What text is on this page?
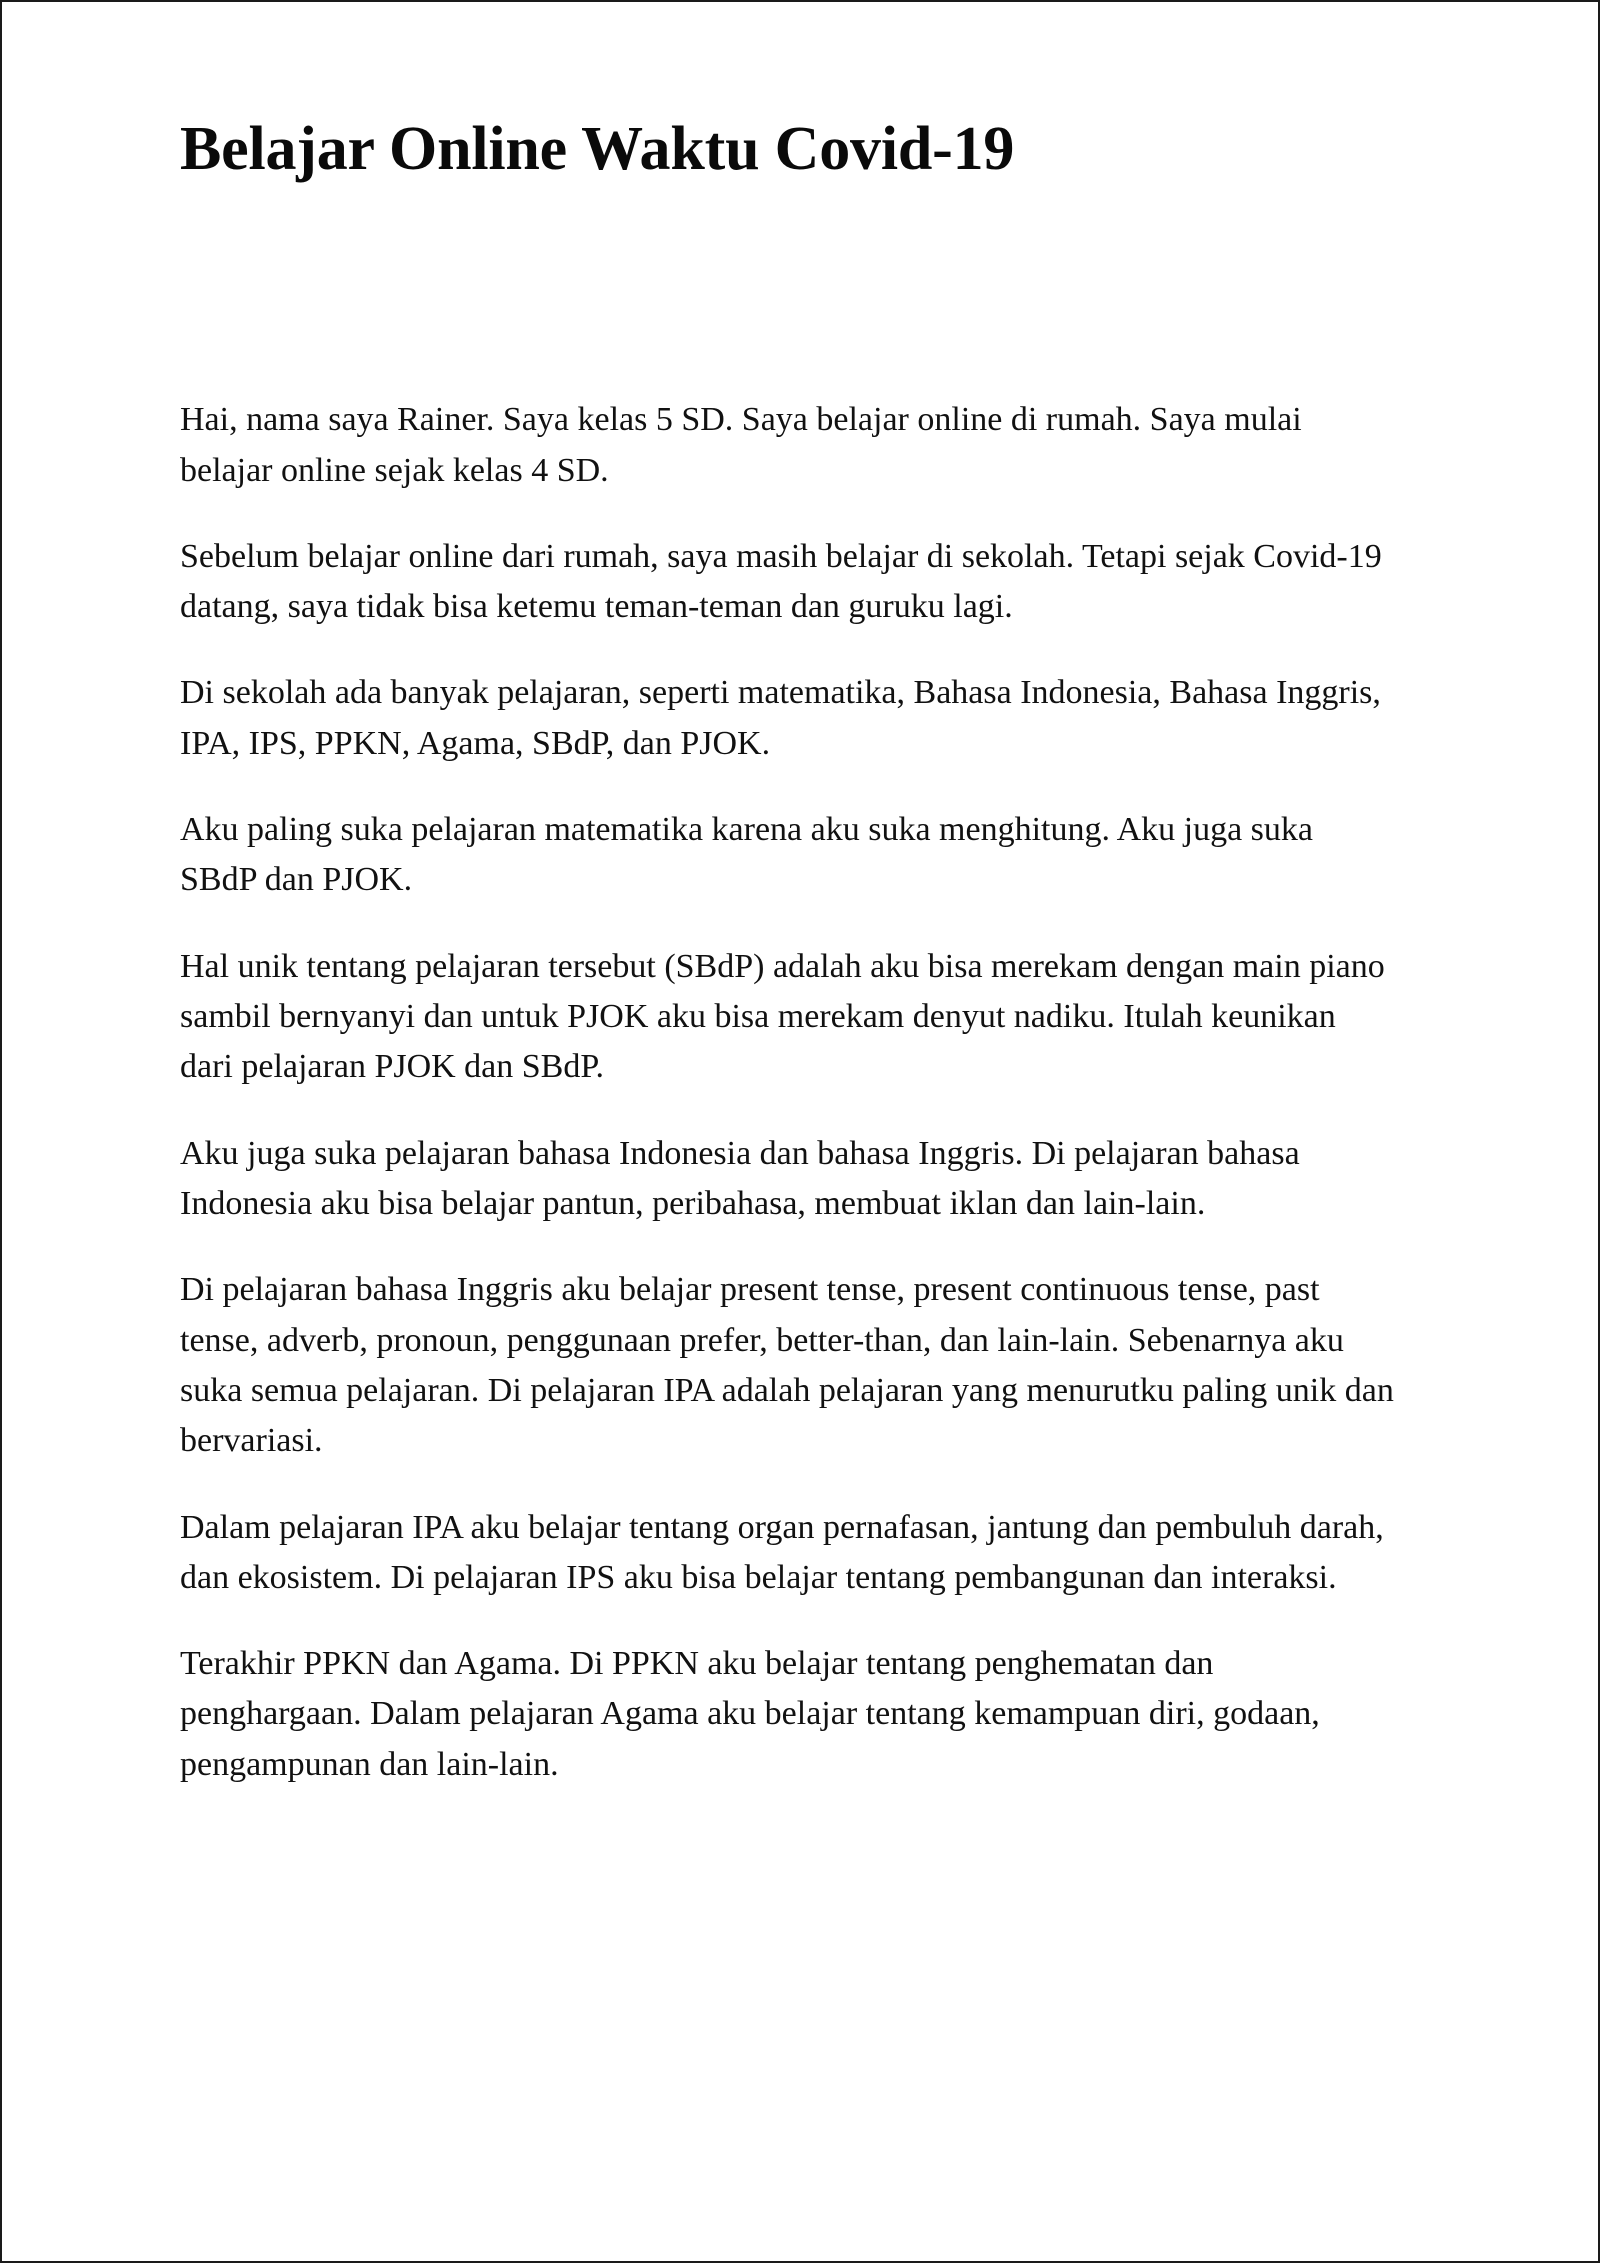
Belajar Online Waktu Covid-19

Hai, nama saya Rainer. Saya kelas 5 SD. Saya belajar online di rumah. Saya mulai belajar online sejak kelas 4 SD.

Sebelum belajar online dari rumah, saya masih belajar di sekolah. Tetapi sejak Covid-19 datang, saya tidak bisa ketemu teman-teman dan guruku lagi.

Di sekolah ada banyak pelajaran, seperti matematika, Bahasa Indonesia, Bahasa Inggris, IPA, IPS, PPKN, Agama, SBdP, dan PJOK.

Aku paling suka pelajaran matematika karena aku suka menghitung. Aku juga suka SBdP dan PJOK.

Hal unik tentang pelajaran tersebut (SBdP) adalah aku bisa merekam dengan main piano sambil bernyanyi dan untuk PJOK aku bisa merekam denyut nadiku. Itulah keunikan dari pelajaran PJOK dan SBdP.

Aku juga suka pelajaran bahasa Indonesia dan bahasa Inggris. Di pelajaran bahasa Indonesia aku bisa belajar pantun, peribahasa, membuat iklan dan lain-lain.

Di pelajaran bahasa Inggris aku belajar present tense, present continuous tense, past tense, adverb, pronoun, penggunaan prefer, better-than, dan lain-lain. Sebenarnya aku suka semua pelajaran. Di pelajaran IPA adalah pelajaran yang menurutku paling unik dan bervariasi.

Dalam pelajaran IPA aku belajar tentang organ pernafasan, jantung dan pembuluh darah, dan ekosistem. Di pelajaran IPS aku bisa belajar tentang pembangunan dan interaksi.

Terakhir PPKN dan Agama. Di PPKN aku belajar tentang penghematan dan penghargaan. Dalam pelajaran Agama aku belajar tentang kemampuan diri, godaan, pengampunan dan lain-lain.
